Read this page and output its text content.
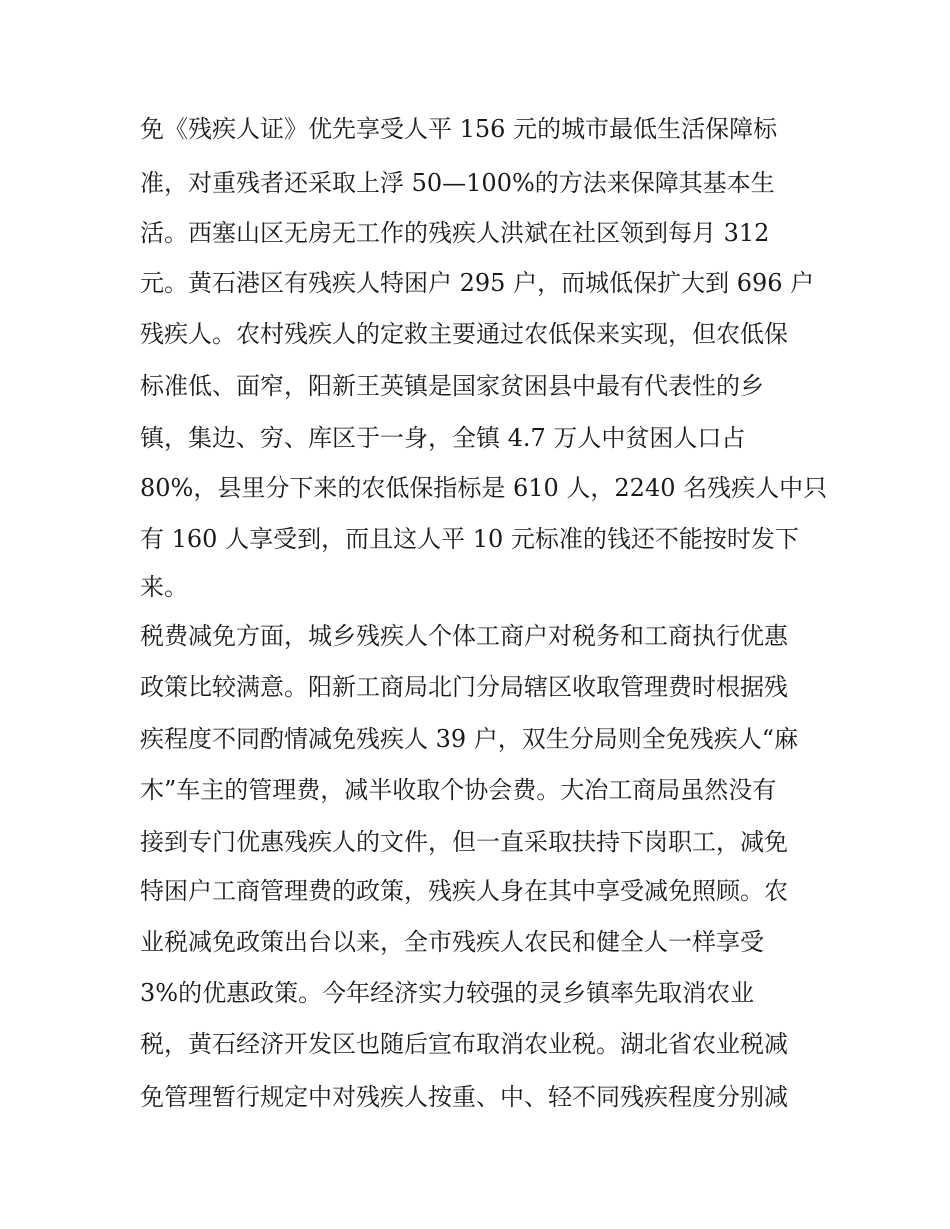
免《残疾人证》优先享受人平 156 元的城市最低生活保障标
准，对重残者还采取上浮 50—100%的方法来保障其基本生
活。西塞山区无房无工作的残疾人洪斌在社区领到每月 312
元。黄石港区有残疾人特困户 295 户，而城低保扩大到 696 户
残疾人。农村残疾人的定救主要通过农低保来实现，但农低保
标准低、面窄，阳新王英镇是国家贫困县中最有代表性的乡
镇，集边、穷、库区于一身，全镇 4.7 万人中贫困人口占
80%，县里分下来的农低保指标是 610 人，2240 名残疾人中只
有 160 人享受到，而且这人平 10 元标准的钱还不能按时发下
来。
税费减免方面，城乡残疾人个体工商户对税务和工商执行优惠
政策比较满意。阳新工商局北门分局辖区收取管理费时根据残
疾程度不同酌情减免残疾人 39 户，双生分局则全免残疾人“麻
木”车主的管理费，减半收取个协会费。大冶工商局虽然没有
接到专门优惠残疾人的文件，但一直采取扶持下岗职工，减免
特困户工商管理费的政策，残疾人身在其中享受减免照顾。农
业税减免政策出台以来，全市残疾人农民和健全人一样享受
3%的优惠政策。今年经济实力较强的灵乡镇率先取消农业
税，黄石经济开发区也随后宣布取消农业税。湖北省农业税减
免管理暂行规定中对残疾人按重、中、轻不同残疾程度分别减
